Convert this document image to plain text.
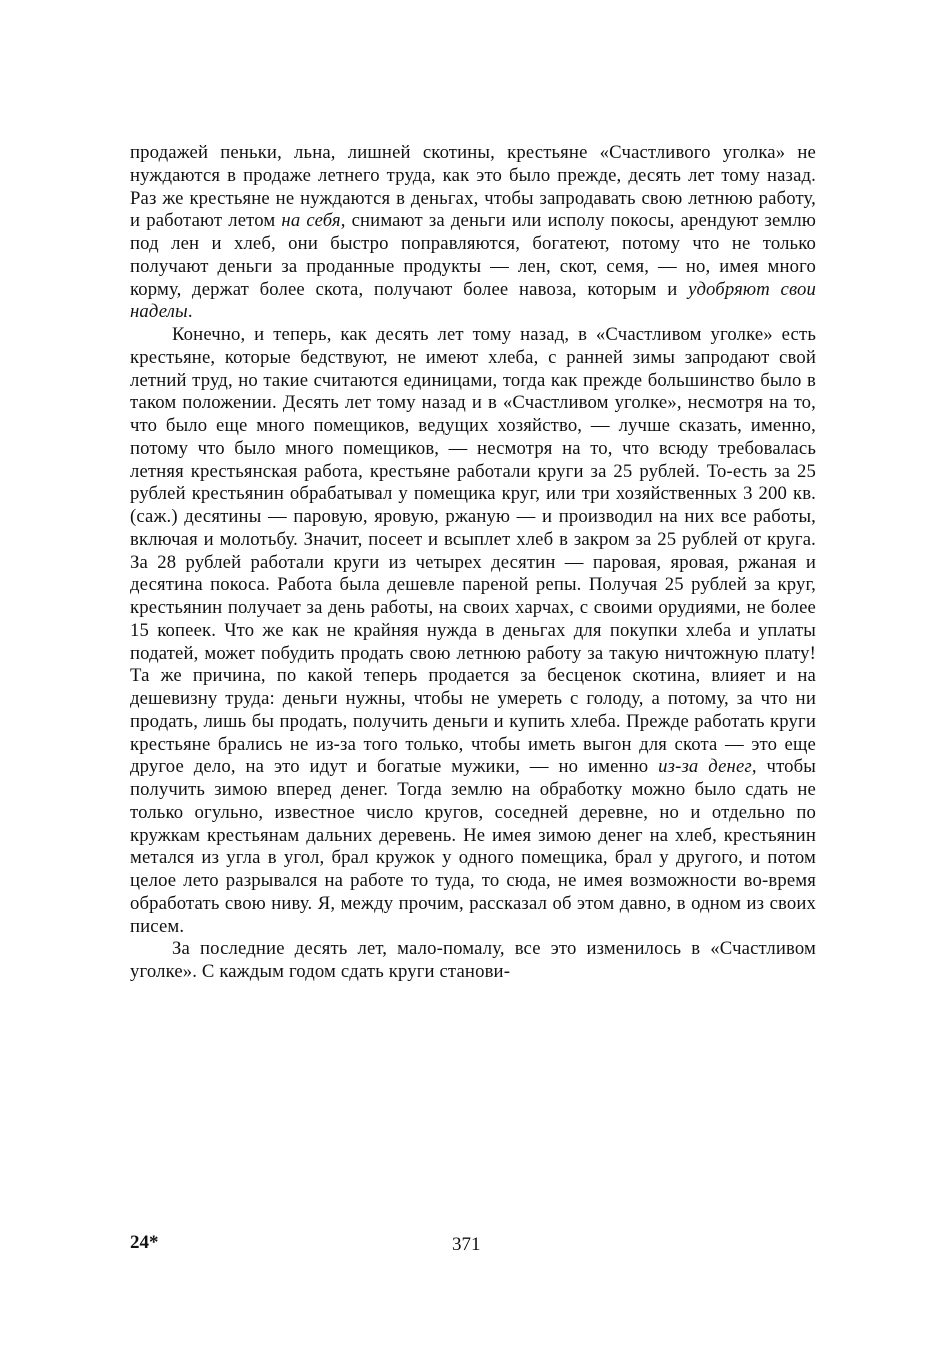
продажей пеньки, льна, лишней скотины, крестьяне «Счастливого уголка» не нуждаются в продаже летнего труда, как это было прежде, десять лет тому назад. Раз же крестьяне не нуждаются в деньгах, чтобы запродавать свою летнюю работу, и работают летом на себя, снимают за деньги или исполу покосы, арендуют землю под лен и хлеб, они быстро поправляются, богатеют, потому что не только получают деньги за проданные продукты — лен, скот, семя, — но, имея много корму, держат более скота, получают более навоза, которым и удобряют свои наделы.

Конечно, и теперь, как десять лет тому назад, в «Счастливом уголке» есть крестьяне, которые бедствуют, не имеют хлеба, с ранней зимы запродают свой летний труд, но такие считаются единицами, тогда как прежде большинство было в таком положении. Десять лет тому назад и в «Счастливом уголке», несмотря на то, что было еще много помещиков, ведущих хозяйство, — лучше сказать, именно, потому что было много помещиков, — несмотря на то, что всюду требовалась летняя крестьянская работа, крестьяне работали круги за 25 рублей. То-есть за 25 рублей крестьянин обрабатывал у помещика круг, или три хозяйственных 3 200 кв. (саж.) десятины — паровую, яровую, ржаную — и производил на них все работы, включая и молотьбу. Значит, посеет и всыплет хлеб в закром за 25 рублей от круга. За 28 рублей работали круги из четырех десятин — паровая, яровая, ржаная и десятина покоса. Работа была дешевле пареной репы. Получая 25 рублей за круг, крестьянин получает за день работы, на своих харчах, с своими орудиями, не более 15 копеек. Что же как не крайняя нужда в деньгах для покупки хлеба и уплаты податей, может побудить продать свою летнюю работу за такую ничтожную плату! Та же причина, по какой теперь продается за бесценок скотина, влияет и на дешевизну труда: деньги нужны, чтобы не умереть с голоду, а потому, за что ни продать, лишь бы продать, получить деньги и купить хлеба. Прежде работать круги крестьяне брались не из-за того только, чтобы иметь выгон для скота — это еще другое дело, на это идут и богатые мужики, — но именно из-за денег, чтобы получить зимою вперед денег. Тогда землю на обработку можно было сдать не только огульно, известное число кругов, соседней деревне, но и отдельно по кружкам крестьянам дальних деревень. Не имея зимою денег на хлеб, крестьянин метался из угла в угол, брал кружок у одного помещика, брал у другого, и потом целое лето разрывался на работе то туда, то сюда, не имея возможности во-время обработать свою ниву. Я, между прочим, рассказал об этом давно, в одном из своих писем.

За последние десять лет, мало-помалу, все это изменилось в «Счастливом уголке». С каждым годом сдать круги станови-

24*	371
